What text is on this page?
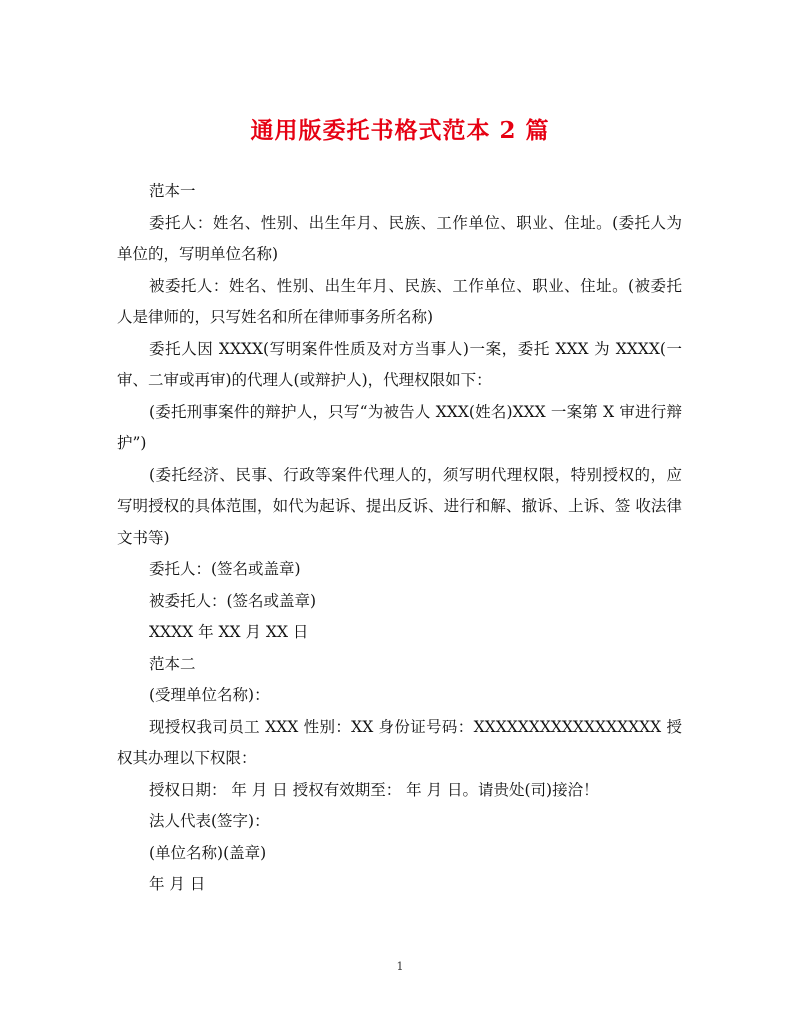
通用版委托书格式范本 2 篇

范本一

委托人：姓名、性别、出生年月、民族、工作单位、职业、住址。(委托人为单位的，写明单位名称)

被委托人：姓名、性别、出生年月、民族、工作单位、职业、住址。(被委托人是律师的，只写姓名和所在律师事务所名称)

委托人因 XXXX(写明案件性质及对方当事人)一案，委托 XXX 为 XXXX(一审、二审或再审)的代理人(或辩护人)，代理权限如下：

(委托刑事案件的辩护人，只写“为被告人 XXX(姓名)XXX 一案第 X 审进行辩护”)

(委托经济、民事、行政等案件代理人的，须写明代理权限，特别授权的，应写明授权的具体范围，如代为起诉、提出反诉、进行和解、撤诉、上诉、签 收法律文书等)

委托人：(签名或盖章)

被委托人：(签名或盖章)

XXXX 年 XX 月 XX 日

范本二

(受理单位名称)：

现授权我司员工 XXX 性别：XX 身份证号码：XXXXXXXXXXXXXXXXX 授权其办理以下权限：

授权日期： 年 月 日 授权有效期至： 年 月 日。请贵处(司)接洽！

法人代表(签字)：

(单位名称)(盖章)

年 月 日

1
